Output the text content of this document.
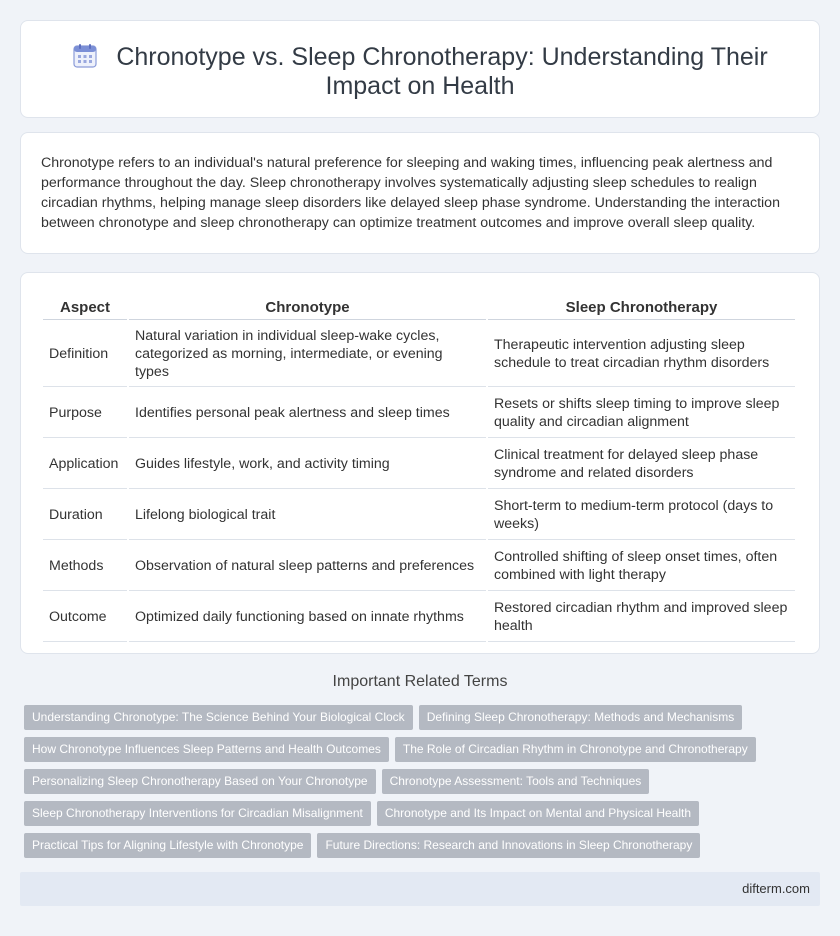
Chronotype vs. Sleep Chronotherapy: Understanding Their Impact on Health

Chronotype refers to an individual's natural preference for sleeping and waking times, influencing peak alertness and performance throughout the day. Sleep chronotherapy involves systematically adjusting sleep schedules to realign circadian rhythms, helping manage sleep disorders like delayed sleep phase syndrome. Understanding the interaction between chronotype and sleep chronotherapy can optimize treatment outcomes and improve overall sleep quality.

Aspect	Chronotype	Sleep Chronotherapy
Definition	Natural variation in individual sleep-wake cycles, categorized as morning, intermediate, or evening types	Therapeutic intervention adjusting sleep schedule to treat circadian rhythm disorders
Purpose	Identifies personal peak alertness and sleep times	Resets or shifts sleep timing to improve sleep quality and circadian alignment
Application	Guides lifestyle, work, and activity timing	Clinical treatment for delayed sleep phase syndrome and related disorders
Duration	Lifelong biological trait	Short-term to medium-term protocol (days to weeks)
Methods	Observation of natural sleep patterns and preferences	Controlled shifting of sleep onset times, often combined with light therapy
Outcome	Optimized daily functioning based on innate rhythms	Restored circadian rhythm and improved sleep health
Important Related Terms
Understanding Chronotype: The Science Behind Your Biological Clock Defining Sleep Chronotherapy: Methods and Mechanisms
How Chronotype Influences Sleep Patterns and Health Outcomes The Role of Circadian Rhythm in Chronotype and Chronotherapy
Personalizing Sleep Chronotherapy Based on Your Chronotype Chronotype Assessment: Tools and Techniques
Sleep Chronotherapy Interventions for Circadian Misalignment Chronotype and Its Impact on Mental and Physical Health
Practical Tips for Aligning Lifestyle with Chronotype Future Directions: Research and Innovations in Sleep Chronotherapy
difterm.com
